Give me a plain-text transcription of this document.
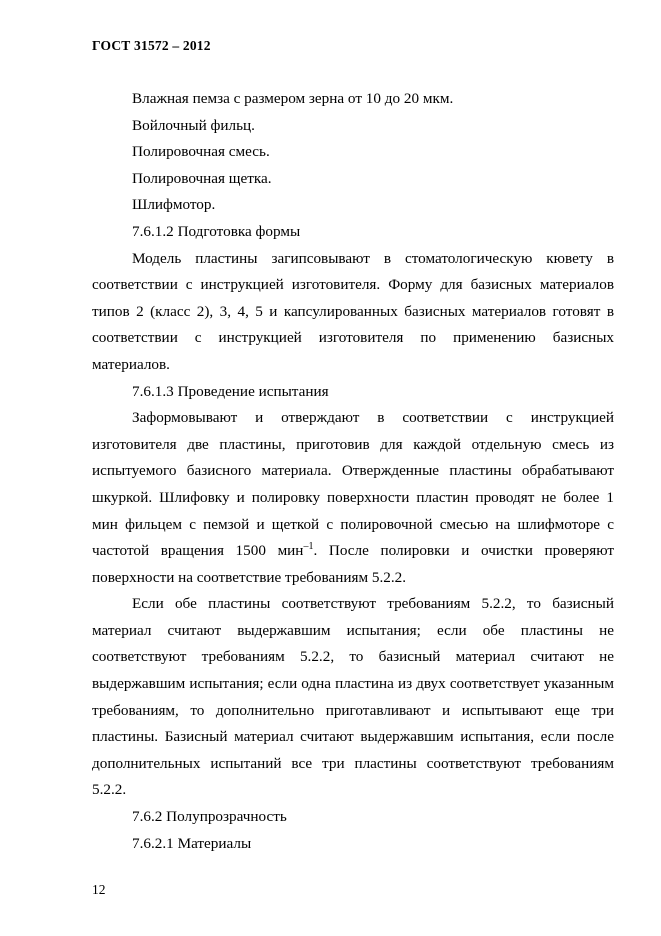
ГОСТ 31572 – 2012

Влажная пемза с размером зерна от 10 до 20 мкм.

Войлочный фильц.

Полировочная смесь.

Полировочная щетка.

Шлифмотор.

7.6.1.2 Подготовка формы

Модель пластины загипсовывают в стоматологическую кювету в соответствии с инструкцией изготовителя. Форму для базисных материалов типов 2 (класс 2), 3, 4, 5 и капсулированных базисных материалов готовят в соответствии с инструкцией изготовителя по применению базисных материалов.

7.6.1.3 Проведение испытания

Заформовывают и отверждают в соответствии с инструкцией изготовителя две пластины, приготовив для каждой отдельную смесь из испытуемого базисного материала. Отвержденные пластины обрабатывают шкуркой. Шлифовку и полировку поверхности пластин проводят не более 1 мин фильцем с пемзой и щеткой с полировочной смесью на шлифмоторе с частотой вращения 1500 мин$^{-1}$. После полировки и очистки проверяют поверхности на соответствие требованиям 5.2.2.

Если обе пластины соответствуют требованиям 5.2.2, то базисный материал считают выдержавшим испытания; если обе пластины не соответствуют требованиям 5.2.2, то базисный материал считают не выдержавшим испытания; если одна пластина из двух соответствует указанным требованиям, то дополнительно приготавливают и испытывают еще три пластины. Базисный материал считают выдержавшим испытания, если после дополнительных испытаний все три пластины соответствуют требованиям 5.2.2.

7.6.2 Полупрозрачность

7.6.2.1 Материалы

12
